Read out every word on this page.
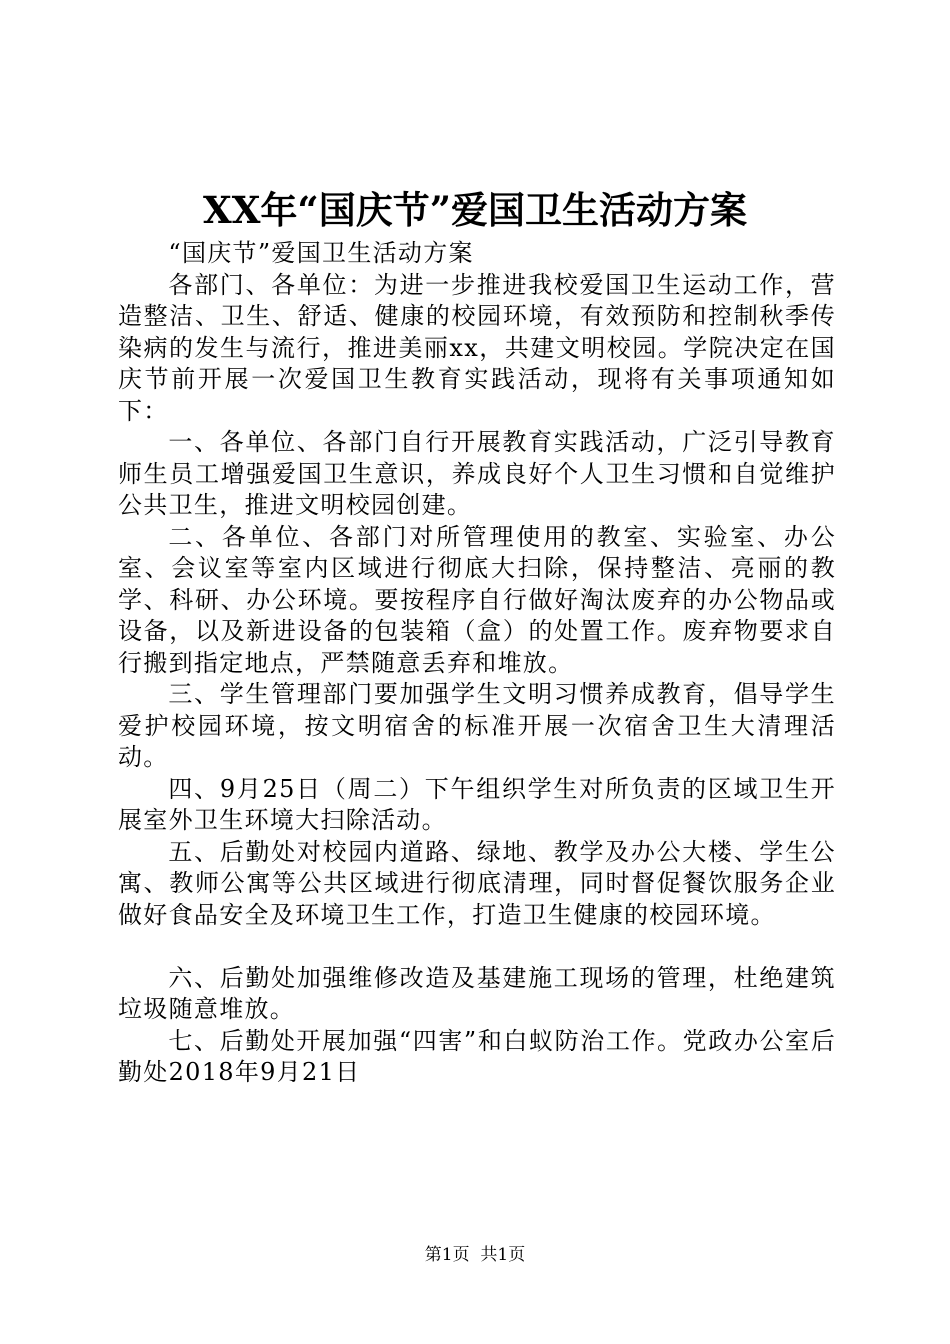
XX年“国庆节”爱国卫生活动方案

“国庆节”爱国卫生活动方案

各部门、各单位：为进一步推进我校爱国卫生运动工作，营造整洁、卫生、舒适、健康的校园环境，有效预防和控制秋季传染病的发生与流行，推进美丽xx，共建文明校园。学院决定在国庆节前开展一次爱国卫生教育实践活动，现将有关事项通知如下：

一、各单位、各部门自行开展教育实践活动，广泛引导教育师生员工增强爱国卫生意识，养成良好个人卫生习惯和自觉维护公共卫生，推进文明校园创建。

二、各单位、各部门对所管理使用的教室、实验室、办公室、会议室等室内区域进行彻底大扫除，保持整洁、亮丽的教学、科研、办公环境。要按程序自行做好淘汰废弃的办公物品或设备，以及新进设备的包装箱（盒）的处置工作。废弃物要求自行搬到指定地点，严禁随意丢弃和堆放。

三、学生管理部门要加强学生文明习惯养成教育，倡导学生爱护校园环境，按文明宿舍的标准开展一次宿舍卫生大清理活动。

四、9月25日（周二）下午组织学生对所负责的区域卫生开展室外卫生环境大扫除活动。

五、后勤处对校园内道路、绿地、教学及办公大楼、学生公寓、教师公寓等公共区域进行彻底清理，同时督促餐饮服务企业做好食品安全及环境卫生工作，打造卫生健康的校园环境。

六、后勤处加强维修改造及基建施工现场的管理，杜绝建筑垃圾随意堆放。

七、后勤处开展加强“四害”和白蚁防治工作。党政办公室后勤处2018年9月21日

第1页 共1页
